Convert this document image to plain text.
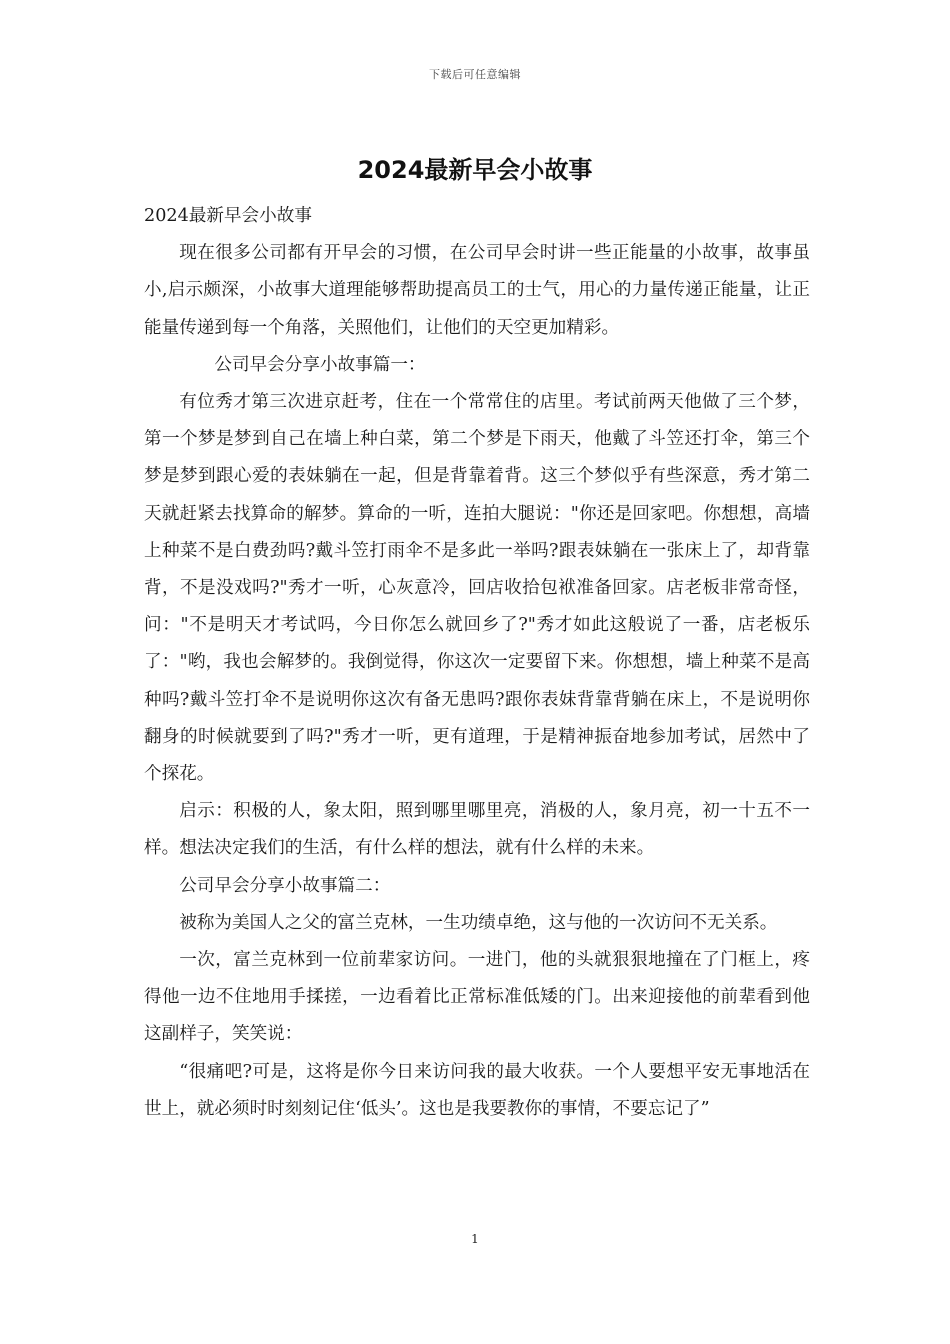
下载后可任意编辑
2024最新早会小故事

2024最新早会小故事

现在很多公司都有开早会的习惯，在公司早会时讲一些正能量的小故事，故事虽小,启示颇深，小故事大道理能够帮助提高员工的士气，用心的力量传递正能量，让正能量传递到每一个角落，关照他们，让他们的天空更加精彩。

公司早会分享小故事篇一：

有位秀才第三次进京赶考，住在一个常常住的店里。考试前两天他做了三个梦，第一个梦是梦到自己在墙上种白菜，第二个梦是下雨天，他戴了斗笠还打伞，第三个梦是梦到跟心爱的表妹躺在一起，但是背靠着背。这三个梦似乎有些深意，秀才第二天就赶紧去找算命的解梦。算命的一听，连拍大腿说："你还是回家吧。你想想，高墙上种菜不是白费劲吗?戴斗笠打雨伞不是多此一举吗?跟表妹躺在一张床上了，却背靠背，不是没戏吗?"秀才一听，心灰意冷，回店收拾包袱准备回家。店老板非常奇怪，问："不是明天才考试吗，今日你怎么就回乡了?"秀才如此这般说了一番，店老板乐了："哟，我也会解梦的。我倒觉得，你这次一定要留下来。你想想，墙上种菜不是高种吗?戴斗笠打伞不是说明你这次有备无患吗?跟你表妹背靠背躺在床上，不是说明你翻身的时候就要到了吗?"秀才一听，更有道理，于是精神振奋地参加考试，居然中了个探花。

启示：积极的人，象太阳，照到哪里哪里亮，消极的人，象月亮，初一十五不一样。想法决定我们的生活，有什么样的想法，就有什么样的未来。

公司早会分享小故事篇二：

被称为美国人之父的富兰克林，一生功绩卓绝，这与他的一次访问不无关系。

一次，富兰克林到一位前辈家访问。一进门，他的头就狠狠地撞在了门框上，疼得他一边不住地用手揉搓，一边看着比正常标准低矮的门。出来迎接他的前辈看到他这副样子，笑笑说：

“很痛吧?可是，这将是你今日来访问我的最大收获。一个人要想平安无事地活在世上，就必须时时刻刻记住‘低头’。这也是我要教你的事情，不要忘记了”

1
